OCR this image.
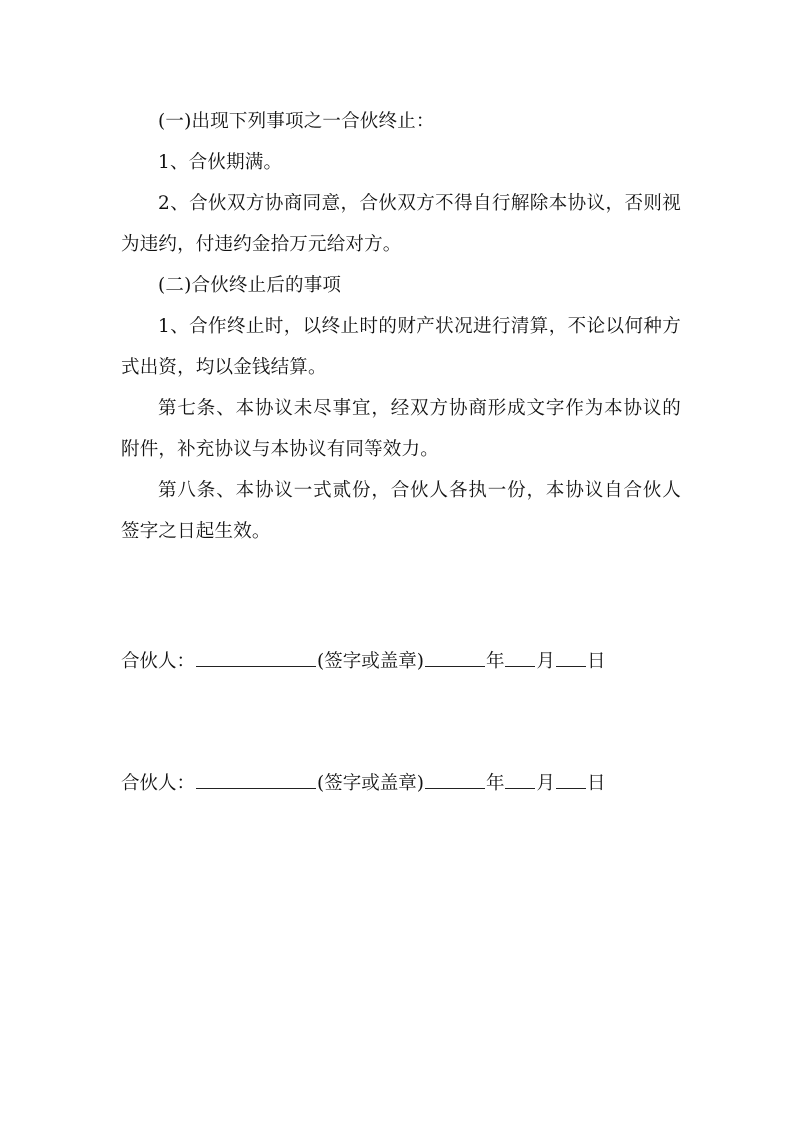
(一)出现下列事项之一合伙终止：

1、合伙期满。

2、合伙双方协商同意，合伙双方不得自行解除本协议，否则视为违约，付违约金拾万元给对方。

(二)合伙终止后的事项

1、合作终止时，以终止时的财产状况进行清算，不论以何种方式出资，均以金钱结算。

第七条、本协议未尽事宜，经双方协商形成文字作为本协议的附件，补充协议与本协议有同等效力。

第八条、本协议一式贰份，合伙人各执一份，本协议自合伙人签字之日起生效。

合伙人：	(签字或盖章)	年 月 日
合伙人：	(签字或盖章)	年 月 日
